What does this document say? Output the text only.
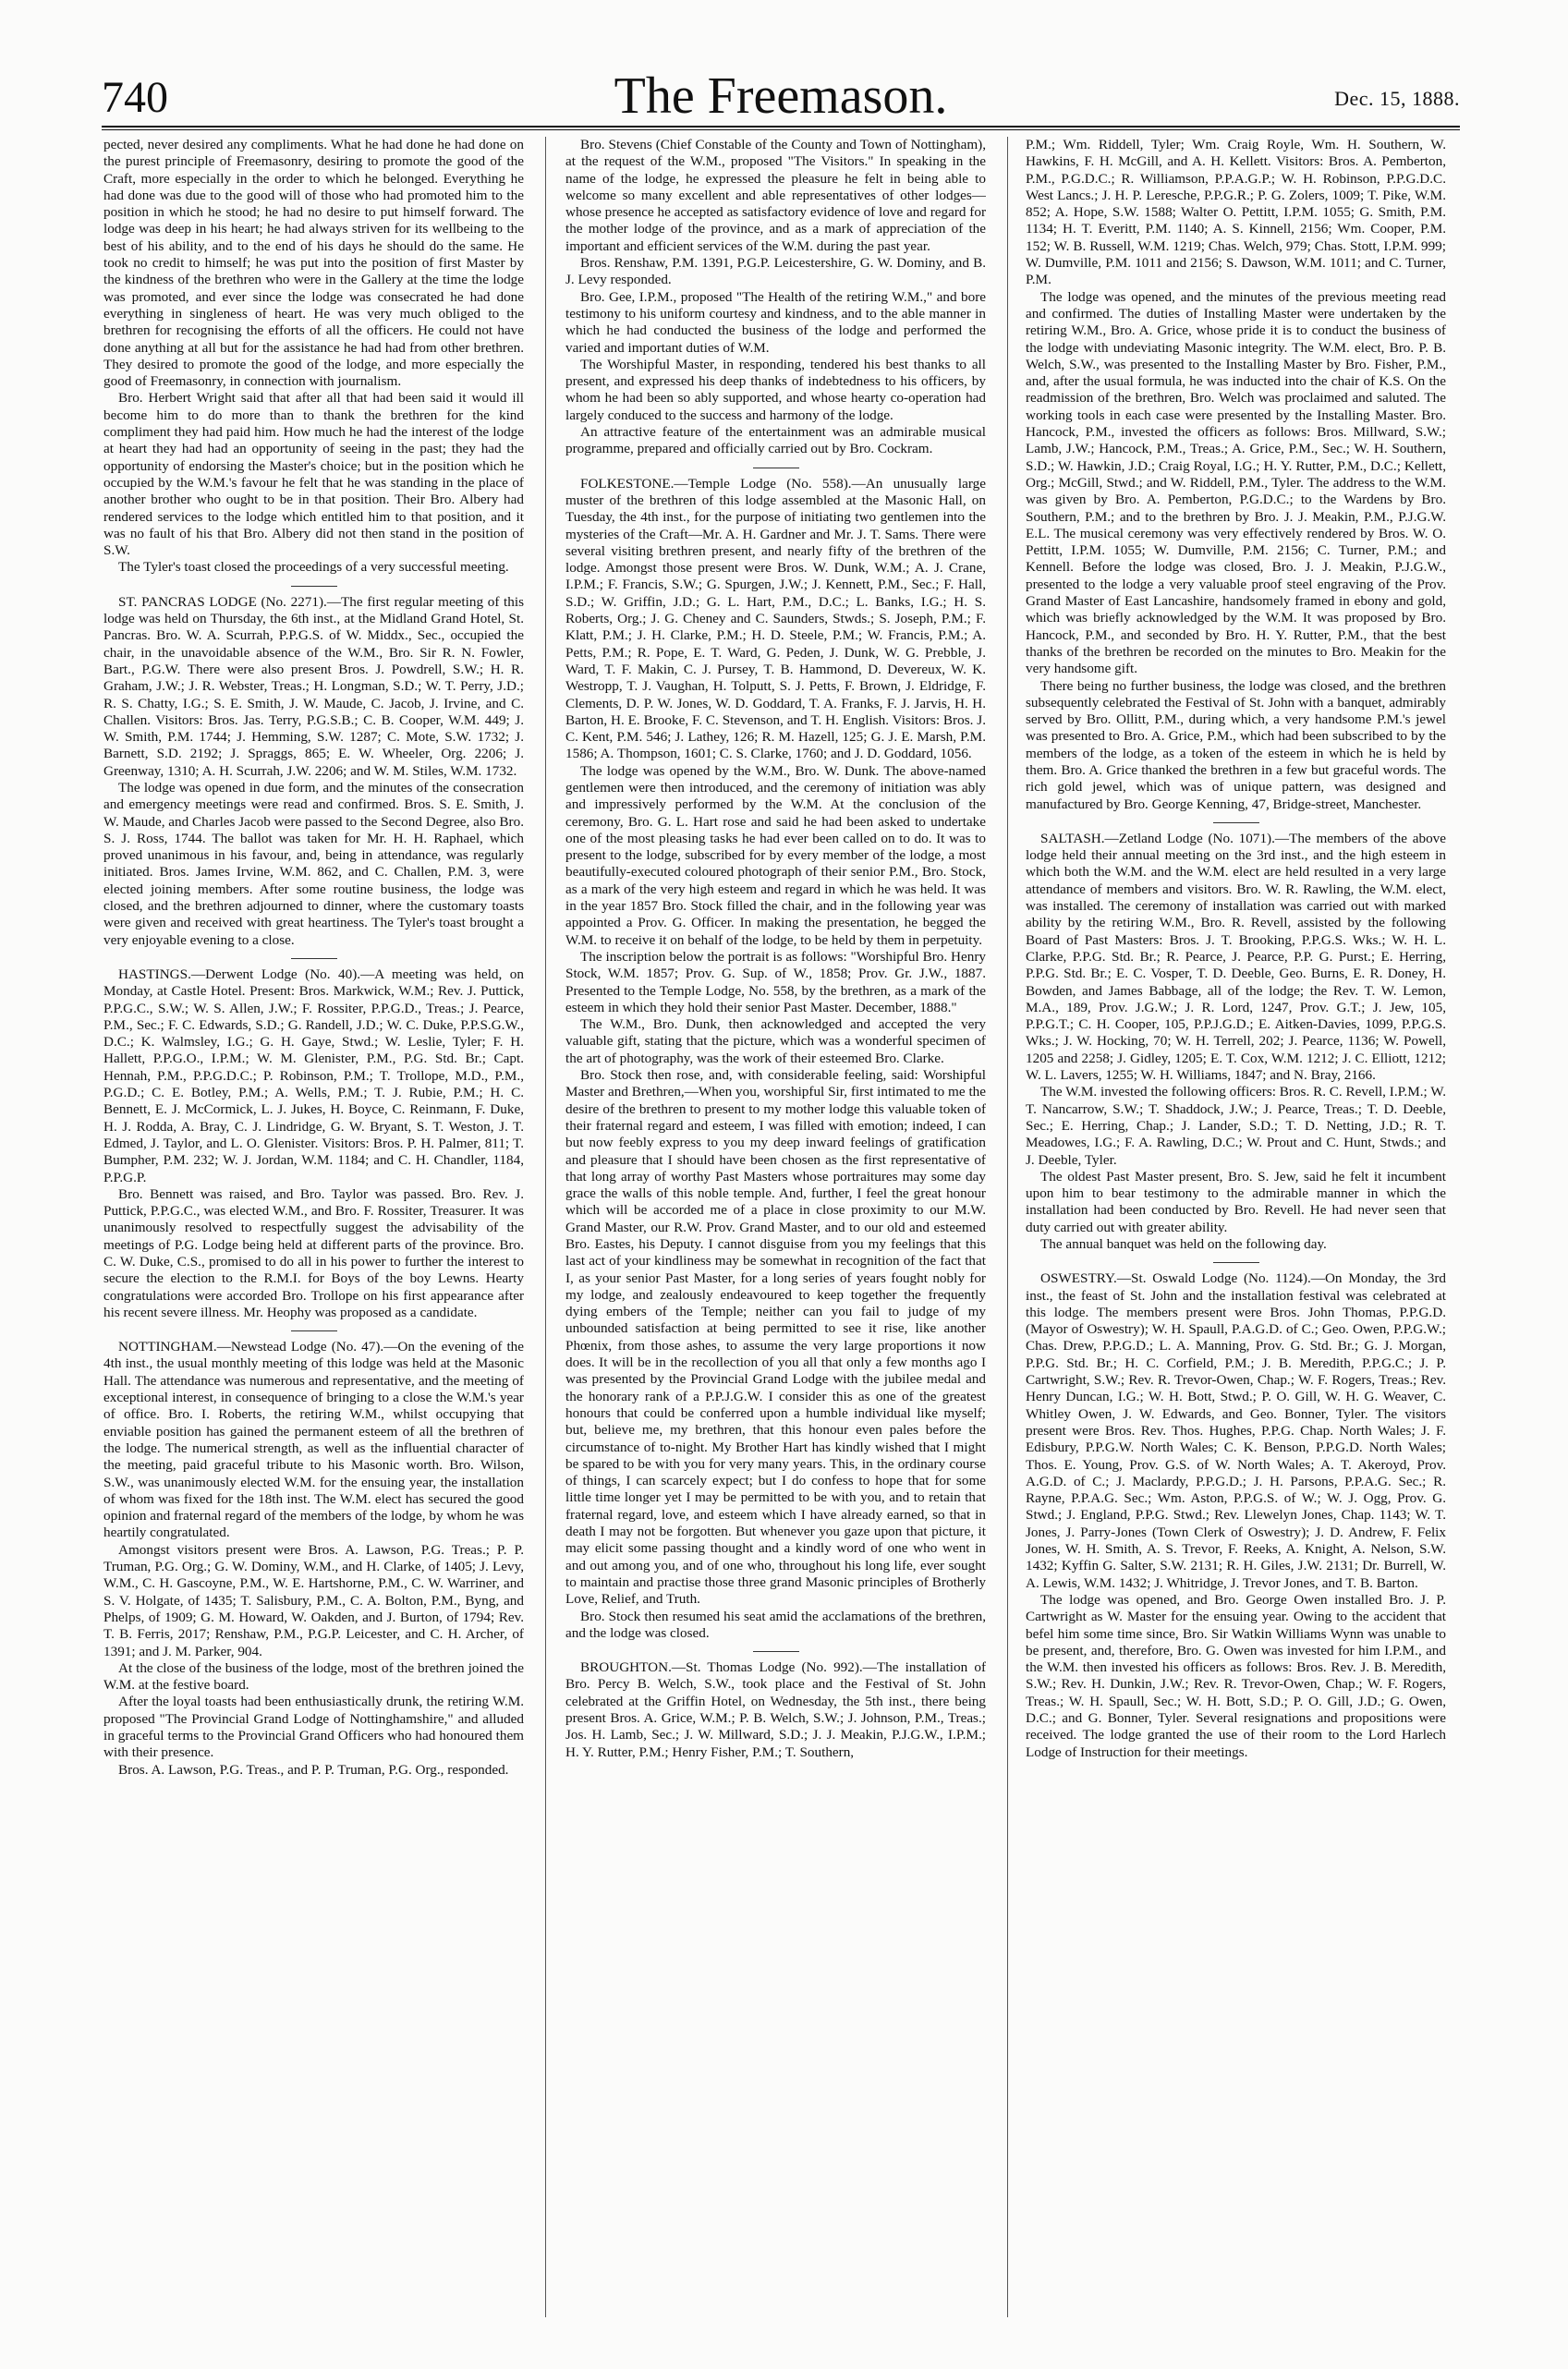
740	The Freemason.	Dec. 15, 1888.

pected, never desired any compliments. What he had done he had done on the purest principle of Freemasonry, desiring to promote the good of the Craft, more especially in the order to which he belonged. Everything he had done was due to the good will of those who had promoted him to the position in which he stood; he had no desire to put himself forward. The lodge was deep in his heart; he had always striven for its wellbeing to the best of his ability, and to the end of his days he should do the same. He took no credit to himself; he was put into the position of first Master by the kindness of the brethren who were in the Gallery at the time the lodge was promoted, and ever since the lodge was consecrated he had done everything in singleness of heart. He was very much obliged to the brethren for recognising the efforts of all the officers. He could not have done anything at all but for the assistance he had had from other brethren. They desired to promote the good of the lodge, and more especially the good of Freemasonry, in connection with journalism.

Bro. Herbert Wright said that after all that had been said it would ill become him to do more than to thank the brethren for the kind compliment they had paid him. How much he had the interest of the lodge at heart they had had an opportunity of seeing in the past; they had the opportunity of endorsing the Master's choice; but in the position which he occupied by the W.M.'s favour he felt that he was standing in the place of another brother who ought to be in that position. Their Bro. Albery had rendered services to the lodge which entitled him to that position, and it was no fault of his that Bro. Albery did not then stand in the position of S.W.

The Tyler's toast closed the proceedings of a very successful meeting.

ST. PANCRAS LODGE (No. 2271).—The first regular meeting of this lodge was held on Thursday, the 6th inst., at the Midland Grand Hotel, St. Pancras. Bro. W. A. Scurrah, P.P.G.S. of W. Middx., Sec., occupied the chair, in the unavoidable absence of the W.M., Bro. Sir R. N. Fowler, Bart., P.G.W. There were also present Bros. J. Powdrell, S.W.; H. R. Graham, J.W.; J. R. Webster, Treas.; H. Longman, S.D.; W. T. Perry, J.D.; R. S. Chatty, I.G.; S. E. Smith, J. W. Maude, C. Jacob, J. Irvine, and C. Challen. Visitors: Bros. Jas. Terry, P.G.S.B.; C. B. Cooper, W.M. 449; J. W. Smith, P.M. 1744; J. Hemming, S.W. 1287; C. Mote, S.W. 1732; J. Barnett, S.D. 2192; J. Spraggs, 865; E. W. Wheeler, Org. 2206; J. Greenway, 1310; A. H. Scurrah, J.W. 2206; and W. M. Stiles, W.M. 1732.

The lodge was opened in due form, and the minutes of the consecration and emergency meetings were read and confirmed. Bros. S. E. Smith, J. W. Maude, and Charles Jacob were passed to the Second Degree, also Bro. S. J. Ross, 1744. The ballot was taken for Mr. H. H. Raphael, which proved unanimous in his favour, and, being in attendance, was regularly initiated. Bros. James Irvine, W.M. 862, and C. Challen, P.M. 3, were elected joining members. After some routine business, the lodge was closed, and the brethren adjourned to dinner, where the customary toasts were given and received with great heartiness. The Tyler's toast brought a very enjoyable evening to a close.

HASTINGS.—Derwent Lodge (No. 40).—A meeting was held, on Monday, at Castle Hotel. Present: Bros. Markwick, W.M.; Rev. J. Puttick, P.P.G.C., S.W.; W. S. Allen, J.W.; F. Rossiter, P.P.G.D., Treas.; J. Pearce, P.M., Sec.; F. C. Edwards, S.D.; G. Randell, J.D.; W. C. Duke, P.P.S.G.W., D.C.; K. Walmsley, I.G.; G. H. Gaye, Stwd.; W. Leslie, Tyler; F. H. Hallett, P.P.G.O., I.P.M.; W. M. Glenister, P.M., P.G. Std. Br.; Capt. Hennah, P.M., P.P.G.D.C.; P. Robinson, P.M.; T. Trollope, M.D., P.M., P.G.D.; C. E. Botley, P.M.; A. Wells, P.M.; T. J. Rubie, P.M.; H. C. Bennett, E. J. McCormick, L. J. Jukes, H. Boyce, C. Reinmann, F. Duke, H. J. Rodda, A. Bray, C. J. Lindridge, G. W. Bryant, S. T. Weston, J. T. Edmed, J. Taylor, and L. O. Glenister. Visitors: Bros. P. H. Palmer, 811; T. Bumpher, P.M. 232; W. J. Jordan, W.M. 1184; and C. H. Chandler, 1184, P.P.G.P.

Bro. Bennett was raised, and Bro. Taylor was passed. Bro. Rev. J. Puttick, P.P.G.C., was elected W.M., and Bro. F. Rossiter, Treasurer. It was unanimously resolved to respectfully suggest the advisability of the meetings of P.G. Lodge being held at different parts of the province. Bro. C. W. Duke, C.S., promised to do all in his power to further the interest to secure the election to the R.M.I. for Boys of the boy Lewns. Hearty congratulations were accorded Bro. Trollope on his first appearance after his recent severe illness. Mr. Heophy was proposed as a candidate.

NOTTINGHAM.—Newstead Lodge (No. 47).—On the evening of the 4th inst., the usual monthly meeting of this lodge was held at the Masonic Hall. The attendance was numerous and representative, and the meeting of exceptional interest, in consequence of bringing to a close the W.M.'s year of office. Bro. I. Roberts, the retiring W.M., whilst occupying that enviable position has gained the permanent esteem of all the brethren of the lodge. The numerical strength, as well as the influential character of the meeting, paid graceful tribute to his Masonic worth. Bro. Wilson, S.W., was unanimously elected W.M. for the ensuing year, the installation of whom was fixed for the 18th inst. The W.M. elect has secured the good opinion and fraternal regard of the members of the lodge, by whom he was heartily congratulated.

Amongst visitors present were Bros. A. Lawson, P.G. Treas.; P. P. Truman, P.G. Org.; G. W. Dominy, W.M., and H. Clarke, of 1405; J. Levy, W.M., C. H. Gascoyne, P.M., W. E. Hartshorne, P.M., C. W. Warriner, and S. V. Holgate, of 1435; T. Salisbury, P.M., C. A. Bolton, P.M., Byng, and Phelps, of 1909; G. M. Howard, W. Oakden, and J. Burton, of 1794; Rev. T. B. Ferris, 2017; Renshaw, P.M., P.G.P. Leicester, and C. H. Archer, of 1391; and J. M. Parker, 904.

At the close of the business of the lodge, most of the brethren joined the W.M. at the festive board.

After the loyal toasts had been enthusiastically drunk, the retiring W.M. proposed "The Provincial Grand Lodge of Nottinghamshire," and alluded in graceful terms to the Provincial Grand Officers who had honoured them with their presence.

Bros. A. Lawson, P.G. Treas., and P. P. Truman, P.G. Org., responded.

Bro. Stevens (Chief Constable of the County and Town of Nottingham), at the request of the W.M., proposed "The Visitors." In speaking in the name of the lodge, he expressed the pleasure he felt in being able to welcome so many excellent and able representatives of other lodges—whose presence he accepted as satisfactory evidence of love and regard for the mother lodge of the province, and as a mark of appreciation of the important and efficient services of the W.M. during the past year.

Bros. Renshaw, P.M. 1391, P.G.P. Leicestershire, G. W. Dominy, and B. J. Levy responded.

Bro. Gee, I.P.M., proposed "The Health of the retiring W.M.," and bore testimony to his uniform courtesy and kindness, and to the able manner in which he had conducted the business of the lodge and performed the varied and important duties of W.M.

The Worshipful Master, in responding, tendered his best thanks to all present, and expressed his deep thanks of indebtedness to his officers, by whom he had been so ably supported, and whose hearty co-operation had largely conduced to the success and harmony of the lodge.

An attractive feature of the entertainment was an admirable musical programme, prepared and officially carried out by Bro. Cockram.

FOLKESTONE.—Temple Lodge (No. 558).—An unusually large muster of the brethren of this lodge assembled at the Masonic Hall, on Tuesday, the 4th inst., for the purpose of initiating two gentlemen into the mysteries of the Craft—Mr. A. H. Gardner and Mr. J. T. Sams. There were several visiting brethren present, and nearly fifty of the brethren of the lodge. Amongst those present were Bros. W. Dunk, W.M.; A. J. Crane, I.P.M.; F. Francis, S.W.; G. Spurgen, J.W.; J. Kennett, P.M., Sec.; F. Hall, S.D.; W. Griffin, J.D.; G. L. Hart, P.M., D.C.; L. Banks, I.G.; H. S. Roberts, Org.; J. G. Cheney and C. Saunders, Stwds.; S. Joseph, P.M.; F. Klatt, P.M.; J. H. Clarke, P.M.; H. D. Steele, P.M.; W. Francis, P.M.; A. Petts, P.M.; R. Pope, E. T. Ward, G. Peden, J. Dunk, W. G. Prebble, J. Ward, T. F. Makin, C. J. Pursey, T. B. Hammond, D. Devereux, W. K. Westropp, T. J. Vaughan, H. Tolputt, S. J. Petts, F. Brown, J. Eldridge, F. Clements, D. P. W. Jones, W. D. Goddard, T. A. Franks, F. J. Jarvis, H. H. Barton, H. E. Brooke, F. C. Stevenson, and T. H. English. Visitors: Bros. J. C. Kent, P.M. 546; J. Lathey, 126; R. M. Hazell, 125; G. J. E. Marsh, P.M. 1586; A. Thompson, 1601; C. S. Clarke, 1760; and J. D. Goddard, 1056.

The lodge was opened by the W.M., Bro. W. Dunk. The above-named gentlemen were then introduced, and the ceremony of initiation was ably and impressively performed by the W.M. At the conclusion of the ceremony, Bro. G. L. Hart rose and said he had been asked to undertake one of the most pleasing tasks he had ever been called on to do. It was to present to the lodge, subscribed for by every member of the lodge, a most beautifully-executed coloured photograph of their senior P.M., Bro. Stock, as a mark of the very high esteem and regard in which he was held. It was in the year 1857 Bro. Stock filled the chair, and in the following year was appointed a Prov. G. Officer. In making the presentation, he begged the W.M. to receive it on behalf of the lodge, to be held by them in perpetuity.

The inscription below the portrait is as follows: "Worshipful Bro. Henry Stock, W.M. 1857; Prov. G. Sup. of W., 1858; Prov. Gr. J.W., 1887. Presented to the Temple Lodge, No. 558, by the brethren, as a mark of the esteem in which they hold their senior Past Master. December, 1888."

The W.M., Bro. Dunk, then acknowledged and accepted the very valuable gift, stating that the picture, which was a wonderful specimen of the art of photography, was the work of their esteemed Bro. Clarke.

Bro. Stock then rose, and, with considerable feeling, said: Worshipful Master and Brethren,—When you, worshipful Sir, first intimated to me the desire of the brethren to present to my mother lodge this valuable token of their fraternal regard and esteem, I was filled with emotion; indeed, I can but now feebly express to you my deep inward feelings of gratification and pleasure that I should have been chosen as the first representative of that long array of worthy Past Masters whose portraitures may some day grace the walls of this noble temple. And, further, I feel the great honour which will be accorded me of a place in close proximity to our M.W. Grand Master, our R.W. Prov. Grand Master, and to our old and esteemed Bro. Eastes, his Deputy. I cannot disguise from you my feelings that this last act of your kindliness may be somewhat in recognition of the fact that I, as your senior Past Master, for a long series of years fought nobly for my lodge, and zealously endeavoured to keep together the frequently dying embers of the Temple; neither can you fail to judge of my unbounded satisfaction at being permitted to see it rise, like another Phœnix, from those ashes, to assume the very large proportions it now does. It will be in the recollection of you all that only a few months ago I was presented by the Provincial Grand Lodge with the jubilee medal and the honorary rank of a P.P.J.G.W. I consider this as one of the greatest honours that could be conferred upon a humble individual like myself; but, believe me, my brethren, that this honour even pales before the circumstance of to-night. My Brother Hart has kindly wished that I might be spared to be with you for very many years. This, in the ordinary course of things, I can scarcely expect; but I do confess to hope that for some little time longer yet I may be permitted to be with you, and to retain that fraternal regard, love, and esteem which I have already earned, so that in death I may not be forgotten. But whenever you gaze upon that picture, it may elicit some passing thought and a kindly word of one who went in and out among you, and of one who, throughout his long life, ever sought to maintain and practise those three grand Masonic principles of Brotherly Love, Relief, and Truth.

Bro. Stock then resumed his seat amid the acclamations of the brethren, and the lodge was closed.

BROUGHTON.—St. Thomas Lodge (No. 992).—The installation of Bro. Percy B. Welch, S.W., took place and the Festival of St. John celebrated at the Griffin Hotel, on Wednesday, the 5th inst., there being present Bros. A. Grice, W.M.; P. B. Welch, S.W.; J. Johnson, P.M., Treas.; Jos. H. Lamb, Sec.; J. W. Millward, S.D.; J. J. Meakin, P.J.G.W., I.P.M.; H. Y. Rutter, P.M.; Henry Fisher, P.M.; T. Southern,

P.M.; Wm. Riddell, Tyler; Wm. Craig Royle, Wm. H. Southern, W. Hawkins, F. H. McGill, and A. H. Kellett. Visitors: Bros. A. Pemberton, P.M., P.G.D.C.; R. Williamson, P.P.A.G.P.; W. H. Robinson, P.P.G.D.C. West Lancs.; J. H. P. Leresche, P.P.G.R.; P. G. Zolers, 1009; T. Pike, W.M. 852; A. Hope, S.W. 1588; Walter O. Pettitt, I.P.M. 1055; G. Smith, P.M. 1134; H. T. Everitt, P.M. 1140; A. S. Kinnell, 2156; Wm. Cooper, P.M. 152; W. B. Russell, W.M. 1219; Chas. Welch, 979; Chas. Stott, I.P.M. 999; W. Dumville, P.M. 1011 and 2156; S. Dawson, W.M. 1011; and C. Turner, P.M.

The lodge was opened, and the minutes of the previous meeting read and confirmed. The duties of Installing Master were undertaken by the retiring W.M., Bro. A. Grice, whose pride it is to conduct the business of the lodge with undeviating Masonic integrity. The W.M. elect, Bro. P. B. Welch, S.W., was presented to the Installing Master by Bro. Fisher, P.M., and, after the usual formula, he was inducted into the chair of K.S. On the readmission of the brethren, Bro. Welch was proclaimed and saluted. The working tools in each case were presented by the Installing Master. Bro. Hancock, P.M., invested the officers as follows: Bros. Millward, S.W.; Lamb, J.W.; Hancock, P.M., Treas.; A. Grice, P.M., Sec.; W. H. Southern, S.D.; W. Hawkin, J.D.; Craig Royal, I.G.; H. Y. Rutter, P.M., D.C.; Kellett, Org.; McGill, Stwd.; and W. Riddell, P.M., Tyler. The address to the W.M. was given by Bro. A. Pemberton, P.G.D.C.; to the Wardens by Bro. Southern, P.M.; and to the brethren by Bro. J. J. Meakin, P.M., P.J.G.W. E.L. The musical ceremony was very effectively rendered by Bros. W. O. Pettitt, I.P.M. 1055; W. Dumville, P.M. 2156; C. Turner, P.M.; and Kennell. Before the lodge was closed, Bro. J. J. Meakin, P.J.G.W., presented to the lodge a very valuable proof steel engraving of the Prov. Grand Master of East Lancashire, handsomely framed in ebony and gold, which was briefly acknowledged by the W.M. It was proposed by Bro. Hancock, P.M., and seconded by Bro. H. Y. Rutter, P.M., that the best thanks of the brethren be recorded on the minutes to Bro. Meakin for the very handsome gift.

There being no further business, the lodge was closed, and the brethren subsequently celebrated the Festival of St. John with a banquet, admirably served by Bro. Ollitt, P.M., during which, a very handsome P.M.'s jewel was presented to Bro. A. Grice, P.M., which had been subscribed to by the members of the lodge, as a token of the esteem in which he is held by them. Bro. A. Grice thanked the brethren in a few but graceful words. The rich gold jewel, which was of unique pattern, was designed and manufactured by Bro. George Kenning, 47, Bridge-street, Manchester.

SALTASH.—Zetland Lodge (No. 1071).—The members of the above lodge held their annual meeting on the 3rd inst., and the high esteem in which both the W.M. and the W.M. elect are held resulted in a very large attendance of members and visitors. Bro. W. R. Rawling, the W.M. elect, was installed. The ceremony of installation was carried out with marked ability by the retiring W.M., Bro. R. Revell, assisted by the following Board of Past Masters: Bros. J. T. Brooking, P.P.G.S. Wks.; W. H. L. Clarke, P.P.G. Std. Br.; R. Pearce, J. Pearce, P.P. G. Purst.; E. Herring, P.P.G. Std. Br.; E. C. Vosper, T. D. Deeble, Geo. Burns, E. R. Doney, H. Bowden, and James Babbage, all of the lodge; the Rev. T. W. Lemon, M.A., 189, Prov. J.G.W.; J. R. Lord, 1247, Prov. G.T.; J. Jew, 105, P.P.G.T.; C. H. Cooper, 105, P.P.J.G.D.; E. Aitken-Davies, 1099, P.P.G.S. Wks.; J. W. Hocking, 70; W. H. Terrell, 202; J. Pearce, 1136; W. Powell, 1205 and 2258; J. Gidley, 1205; E. T. Cox, W.M. 1212; J. C. Elliott, 1212; W. L. Lavers, 1255; W. H. Williams, 1847; and N. Bray, 2166.

The W.M. invested the following officers: Bros. R. C. Revell, I.P.M.; W. T. Nancarrow, S.W.; T. Shaddock, J.W.; J. Pearce, Treas.; T. D. Deeble, Sec.; E. Herring, Chap.; J. Lander, S.D.; T. D. Netting, J.D.; R. T. Meadowes, I.G.; F. A. Rawling, D.C.; W. Prout and C. Hunt, Stwds.; and J. Deeble, Tyler.

The oldest Past Master present, Bro. S. Jew, said he felt it incumbent upon him to bear testimony to the admirable manner in which the installation had been conducted by Bro. Revell. He had never seen that duty carried out with greater ability.

The annual banquet was held on the following day.

OSWESTRY.—St. Oswald Lodge (No. 1124).—On Monday, the 3rd inst., the feast of St. John and the installation festival was celebrated at this lodge. The members present were Bros. John Thomas, P.P.G.D. (Mayor of Oswestry); W. H. Spaull, P.A.G.D. of C.; Geo. Owen, P.P.G.W.; Chas. Drew, P.P.G.D.; L. A. Manning, Prov. G. Std. Br.; G. J. Morgan, P.P.G. Std. Br.; H. C. Corfield, P.M.; J. B. Meredith, P.P.G.C.; J. P. Cartwright, S.W.; Rev. R. Trevor-Owen, Chap.; W. F. Rogers, Treas.; Rev. Henry Duncan, I.G.; W. H. Bott, Stwd.; P. O. Gill, W. H. G. Weaver, C. Whitley Owen, J. W. Edwards, and Geo. Bonner, Tyler. The visitors present were Bros. Rev. Thos. Hughes, P.P.G. Chap. North Wales; J. F. Edisbury, P.P.G.W. North Wales; C. K. Benson, P.P.G.D. North Wales; Thos. E. Young, Prov. G.S. of W. North Wales; A. T. Akeroyd, Prov. A.G.D. of C.; J. Maclardy, P.P.G.D.; J. H. Parsons, P.P.A.G. Sec.; R. Rayne, P.P.A.G. Sec.; Wm. Aston, P.P.G.S. of W.; W. J. Ogg, Prov. G. Stwd.; J. England, P.P.G. Stwd.; Rev. Llewelyn Jones, Chap. 1143; W. T. Jones, J. Parry-Jones (Town Clerk of Oswestry); J. D. Andrew, F. Felix Jones, W. H. Smith, A. S. Trevor, F. Reeks, A. Knight, A. Nelson, S.W. 1432; Kyffin G. Salter, S.W. 2131; R. H. Giles, J.W. 2131; Dr. Burrell, W. A. Lewis, W.M. 1432; J. Whitridge, J. Trevor Jones, and T. B. Barton.

The lodge was opened, and Bro. George Owen installed Bro. J. P. Cartwright as W. Master for the ensuing year. Owing to the accident that befel him some time since, Bro. Sir Watkin Williams Wynn was unable to be present, and, therefore, Bro. G. Owen was invested for him I.P.M., and the W.M. then invested his officers as follows: Bros. Rev. J. B. Meredith, S.W.; Rev. H. Dunkin, J.W.; Rev. R. Trevor-Owen, Chap.; W. F. Rogers, Treas.; W. H. Spaull, Sec.; W. H. Bott, S.D.; P. O. Gill, J.D.; G. Owen, D.C.; and G. Bonner, Tyler. Several resignations and propositions were received. The lodge granted the use of their room to the Lord Harlech Lodge of Instruction for their meetings.
